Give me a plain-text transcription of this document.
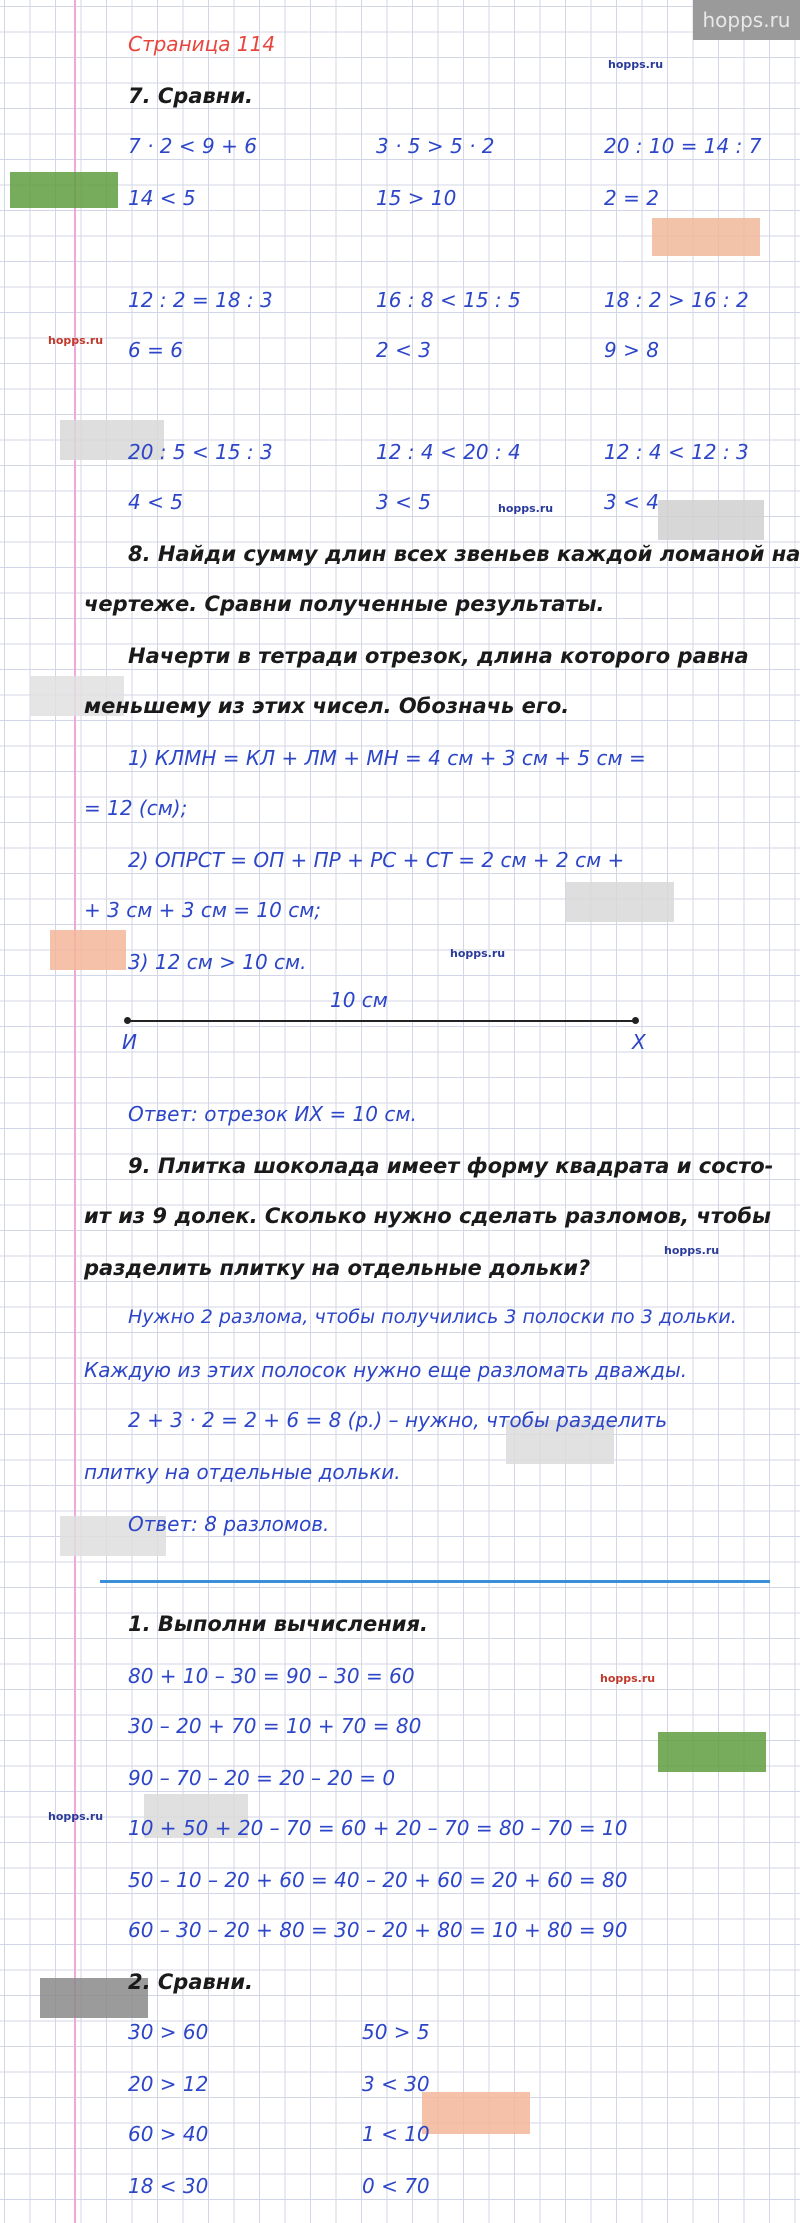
hopps.ru
hopps.ru
hopps.ru
hopps.ru
hopps.ru
hopps.ru
hopps.ru
hopps.ru
Страница 114
7. Сравни.
7 · 2 < 9 + 6	3 · 5 > 5 · 2	20 : 10 = 14 : 7
14 < 5	15 > 10	2 = 2
12 : 2 = 18 : 3	16 : 8 < 15 : 5	18 : 2 > 16 : 2
6 = 6	2 < 3	9 > 8
20 : 5 < 15 : 3	12 : 4 < 20 : 4	12 : 4 < 12 : 3
4 < 5	3 < 5	3 < 4
8. Найди сумму длин всех звеньев каждой ломаной на
чертеже. Сравни полученные результаты.
Начерти в тетради отрезок, длина которого равна
меньшему из этих чисел. Обозначь его.
1) КЛМН = КЛ + ЛМ + МН = 4 см + 3 см + 5 см =
= 12 (см);
2) ОПРСТ = ОП + ПР + РС + СТ = 2 см + 2 см +
+ 3 см + 3 см = 10 см;
3) 12 см > 10 см.
10 см
И	Х
Ответ: отрезок ИХ = 10 см.
9. Плитка шоколада имеет форму квадрата и состо-
ит из 9 долек. Сколько нужно сделать разломов, чтобы
разделить плитку на отдельные дольки?
Нужно 2 разлома, чтобы получились 3 полоски по 3 дольки.
Каждую из этих полосок нужно еще разломать дважды.
2 + 3 · 2 = 2 + 6 = 8 (р.) – нужно, чтобы разделить
плитку на отдельные дольки.
Ответ: 8 разломов.
1. Выполни вычисления.
80 + 10 – 30 = 90 – 30 = 60
30 – 20 + 70 = 10 + 70 = 80
90 – 70 – 20 = 20 – 20 = 0
10 + 50 + 20 – 70 = 60 + 20 – 70 = 80 – 70 = 10
50 – 10 – 20 + 60 = 40 – 20 + 60 = 20 + 60 = 80
60 – 30 – 20 + 80 = 30 – 20 + 80 = 10 + 80 = 90
2. Сравни.
30 > 60	50 > 5
20 > 12	3 < 30
60 > 40	1 < 10
18 < 30	0 < 70
